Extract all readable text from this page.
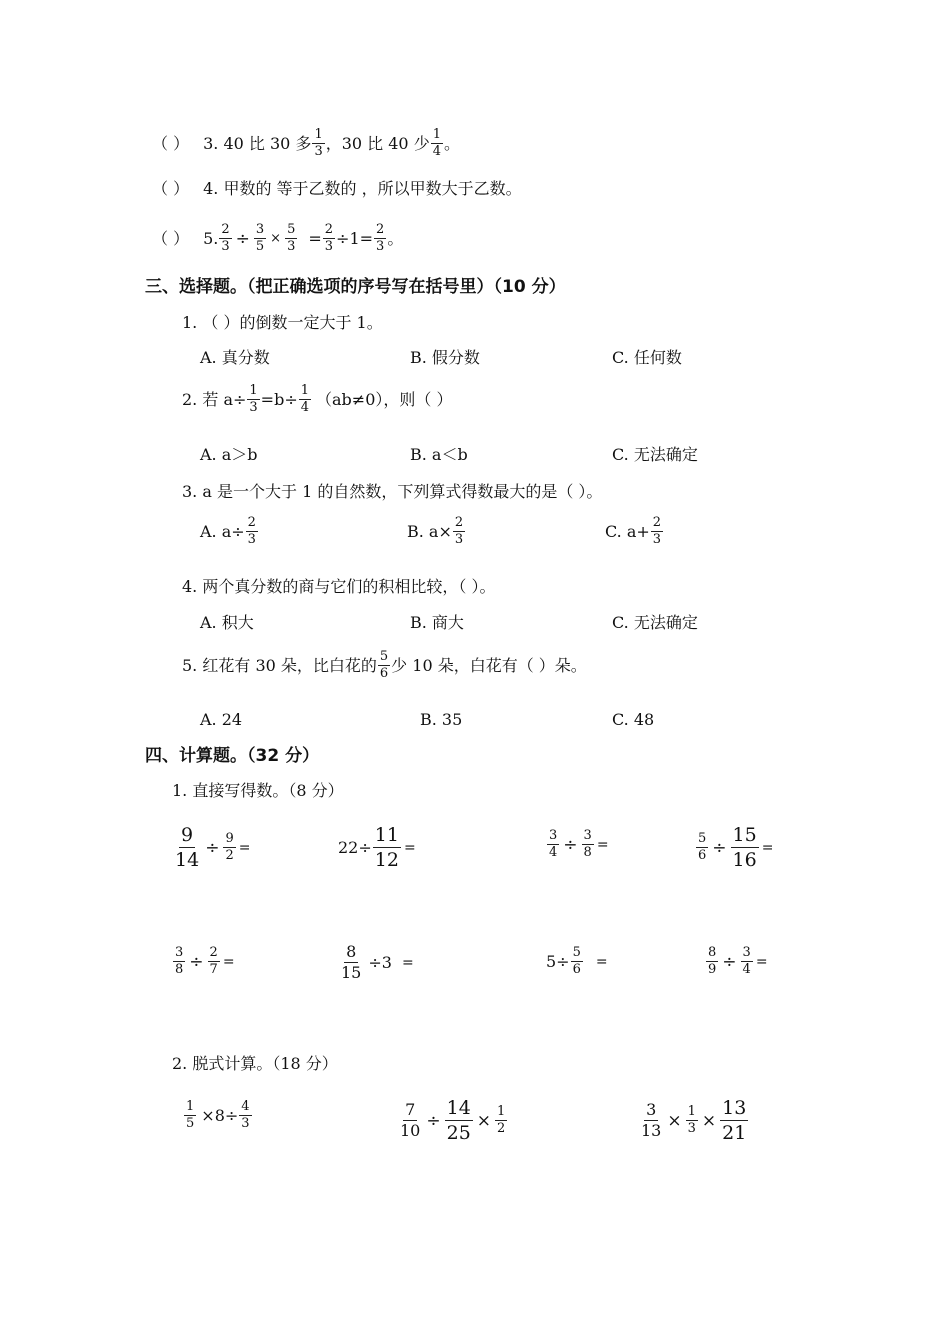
（ ） 3. 40 比 30 多 $\frac{1}{3}$ ，30 比 40 少 $\frac{1}{4}$ 。
（ ） 4. 甲数的 等于乙数的 ，所以甲数大于乙数。
（ ） 5. $\frac{2}{3} \div \frac{3}{5} \times \frac{5}{3} = \frac{2}{3} \div 1= \frac{2}{3}$ 。
三、选择题。（把正确选项的序号写在括号里）（10 分）
1. （ ）的倒数一定大于 1。
A. 真分数	B. 假分数	C. 任何数
2. 若 $a\div \frac{1}{3} =b\div \frac{1}{4} (ab\ne 0)$，则（ ）
A. a＞b	B. a＜b	C. 无法确定
3. a 是一个大于 1 的自然数，下列算式得数最大的是（ ）。
A. $a\div \frac{2}{3}$	B. $a\times \frac{2}{3}$	C. $a+ \frac{2}{3}$
4. 两个真分数的商与它们的积相比较，（ ）。
A. 积大	B. 商大	C. 无法确定
5. 红花有 30 朵，比白花的 $\frac{5}{6}$ 少 10 朵，白花有（ ）朵。
A. 24	B. 35	C. 48
四、计算题。（32 分）
1. 直接写得数。（8 分）
$\frac{9}{14} \div \frac{9}{2}$ =	$22\div \frac{11}{12}$ =	$\frac{3}{4} \div \frac{3}{8}$ =	$\frac{5}{6} \div \frac{15}{16}$ =
$\frac{3}{8} \div \frac{2}{7}$ =	$\frac{8}{15} \div 3$ =	$5\div \frac{5}{6}$ =	$\frac{8}{9} \div \frac{3}{4}$ =
2. 脱式计算。（18 分）
$\frac{1}{5} \times 8\div \frac{4}{3}$	$\frac{7}{10} \div \frac{14}{25} \times \frac{1}{2}$	$\frac{3}{13} \times \frac{1}{3} \times \frac{13}{21}$
